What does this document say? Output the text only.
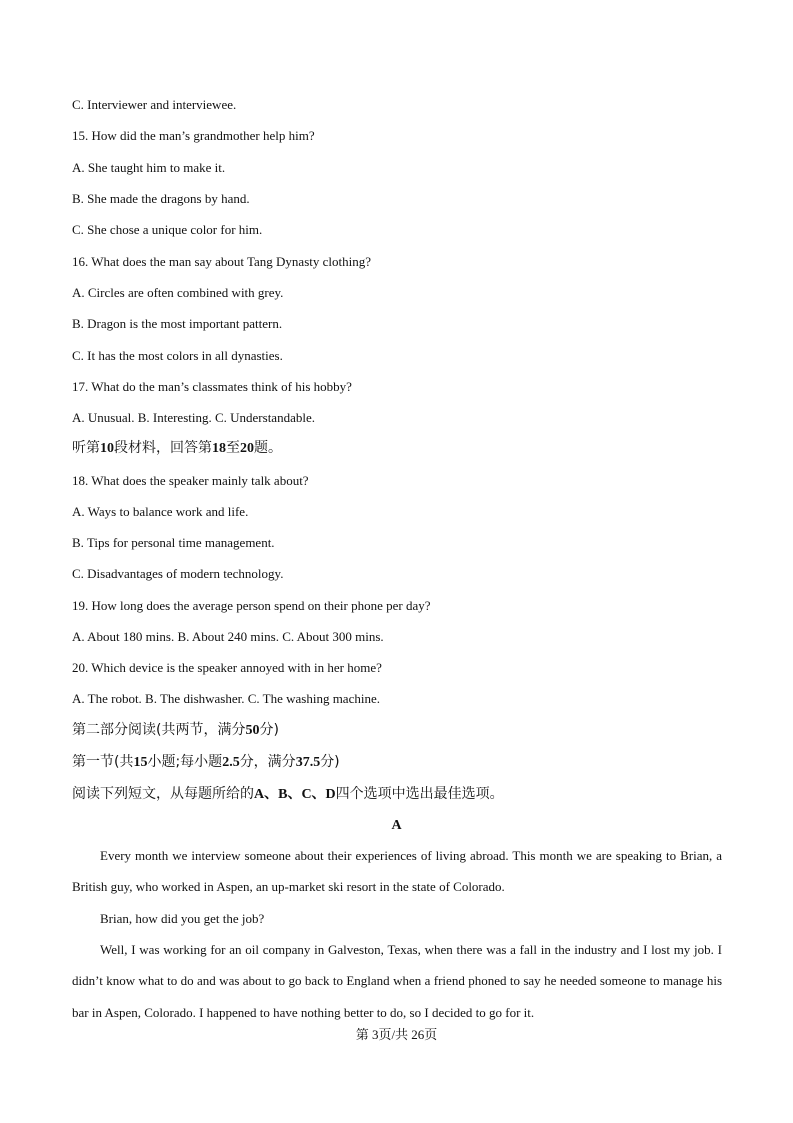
C. Interviewer and interviewee.
15. How did the man’s grandmother help him?
A. She taught him to make it.
B. She made the dragons by hand.
C. She chose a unique color for him.
16. What does the man say about Tang Dynasty clothing?
A. Circles are often combined with grey.
B. Dragon is the most important pattern.
C. It has the most colors in all dynasties.
17. What do the man’s classmates think of his hobby?
A. Unusual. B. Interesting. C. Understandable.
听第10段材料，回答第18至20题。
18. What does the speaker mainly talk about?
A. Ways to balance work and life.
B. Tips for personal time management.
C. Disadvantages of modern technology.
19. How long does the average person spend on their phone per day?
A. About 180 mins. B. About 240 mins. C. About 300 mins.
20. Which device is the speaker annoyed with in her home?
A. The robot. B. The dishwasher. C. The washing machine.
第二部分阅读(共两节，满分50分)
第一节(共15小题;每小题2.5分，满分37.5分)
阅读下列短文，从每题所给的A、B、C、D四个选项中选出最佳选项。
A
Every month we interview someone about their experiences of living abroad. This month we are speaking to Brian, a British guy, who worked in Aspen, an up-market ski resort in the state of Colorado.
Brian, how did you get the job?
Well, I was working for an oil company in Galveston, Texas, when there was a fall in the industry and I lost my job. I didn’t know what to do and was about to go back to England when a friend phoned to say he needed someone to manage his bar in Aspen, Colorado. I happened to have nothing better to do, so I decided to go for it.
第 3页/共 26页
